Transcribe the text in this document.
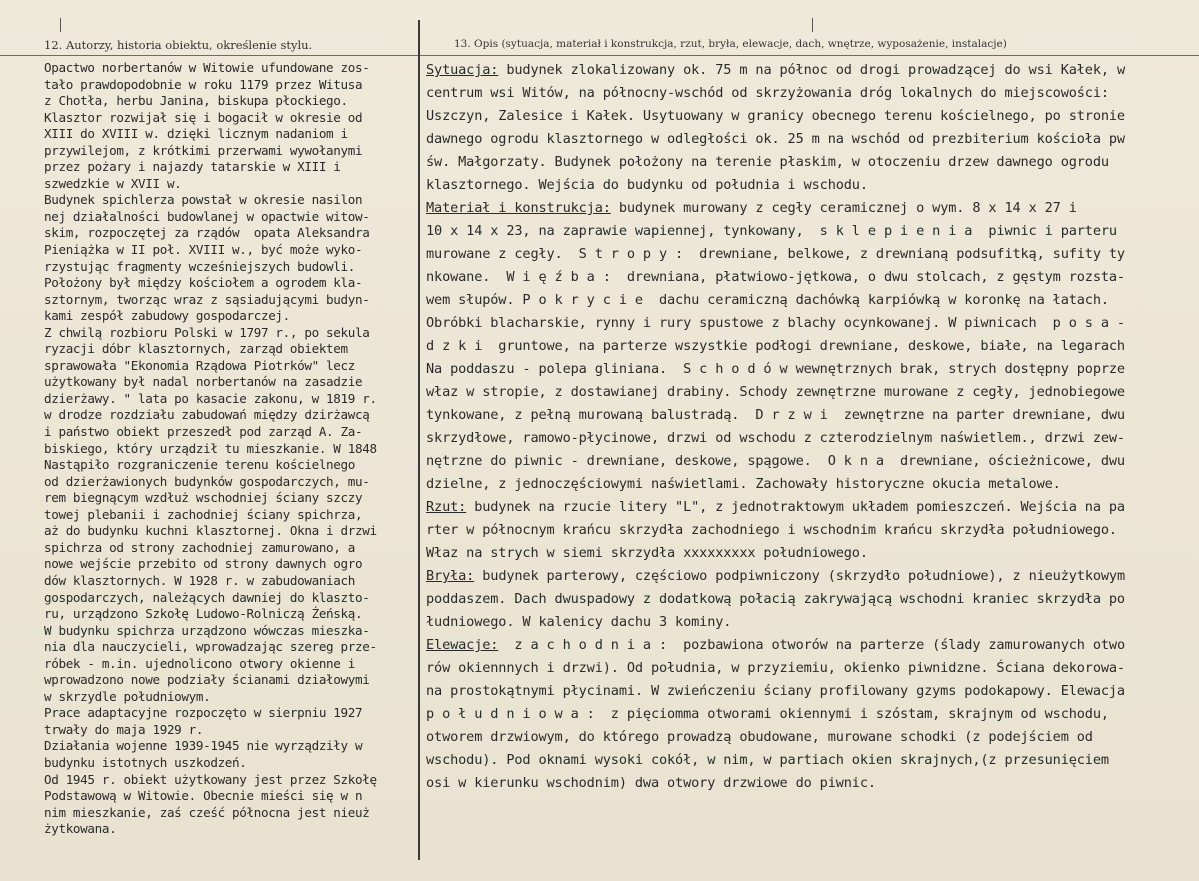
12. Autorzy, historia obiektu, określenie stylu.	13. Opis (sytuacja, materiał i konstrukcja, rzut, bryła, elewacje, dach, wnętrze, wyposażenie, instalacje)
Opactwo norbertanów w Witowie ufundowane zos-
tało prawdopodobnie w roku 1179 przez Witusa
z Chotła, herbu Janina, biskupa płockiego.
Klasztor rozwijał się i bogacił w okresie od
XIII do XVIII w. dzięki licznym nadaniom i
przywilejom, z krótkimi przerwami wywołanymi
przez pożary i najazdy tatarskie w XIII i
szwedzkie w XVII w.
Budynek spichlerza powstał w okresie nasilon
nej działalności budowlanej w opactwie witow-
skim, rozpoczętej za rządów  opata Aleksandra
Pieniążka w II poł. XVIII w., być może wyko-
rzystując fragmenty wcześniejszych budowli.
Położony był między kościołem a ogrodem kla-
sztornym, tworząc wraz z sąsiadującymi budyn-
kami zespół zabudowy gospodarczej.
Z chwilą rozbioru Polski w 1797 r., po sekula
ryzacji dóbr klasztornych, zarząd obiektem
sprawowała "Ekonomia Rządowa Piotrków" lecz
użytkowany był nadal norbertanów na zasadzie
dzierżawy. " lata po kasacie zakonu, w 1819 r.
w drodze rozdziału zabudowań między dzirżawcą
i państwo obiekt przeszedł pod zarząd A. Za-
biskiego, który urządził tu mieszkanie. W 1848
Nastąpiło rozgraniczenie terenu kościelnego
od dzierżawionych budynków gospodarczych, mu-
rem biegnącym wzdłuż wschodniej ściany szczy
towej plebanii i zachodniej ściany spichrza,
aż do budynku kuchni klasztornej. Okna i drzwi
spichrza od strony zachodniej zamurowano, a
nowe wejście przebito od strony dawnych ogro
dów klasztornych. W 1928 r. w zabudowaniach
gospodarczych, należących dawniej do klaszto-
ru, urządzono Szkołę Ludowo-Rolniczą Żeńską.
W budynku spichrza urządzono wówczas mieszka-
nia dla nauczycieli, wprowadzając szereg prze-
róbek - m.in. ujednolicono otwory okienne i
wprowadzono nowe podziały ścianami działowymi
w skrzydle południowym.
Prace adaptacyjne rozpoczęto w sierpniu 1927
trwały do maja 1929 r.
Działania wojenne 1939-1945 nie wyrządziły w
budynku istotnych uszkodzeń.
Od 1945 r. obiekt użytkowany jest przez Szkołę
Podstawową w Witowie. Obecnie mieści się w n
nim mieszkanie, zaś cześć północna jest nieuż
żytkowana.
Sytuacja: budynek zlokalizowany ok. 75 m na północ od drogi prowadzącej do wsi Kałek, w
centrum wsi Witów, na północny-wschód od skrzyżowania dróg lokalnych do miejscowości:
Uszczyn, Zalesice i Kałek. Usytuowany w granicy obecnego terenu kościelnego, po stronie
dawnego ogrodu klasztornego w odległości ok. 25 m na wschód od prezbiterium kościoła pw
św. Małgorzaty. Budynek położony na terenie płaskim, w otoczeniu drzew dawnego ogrodu
klasztornego. Wejścia do budynku od południa i wschodu.
Materiał i konstrukcja: budynek murowany z cegły ceramicznej o wym. 8 x 14 x 27 i
10 x 14 x 23, na zaprawie wapiennej, tynkowany,  s k l e p i e n i a  piwnic i parteru
murowane z cegły.  S t r o p y :  drewniane, belkowe, z drewnianą podsufitką, sufity ty
nkowane.  W i ę ź b a :  drewniana, płatwiowo-jętkowa, o dwu stolcach, z gęstym rozsta-
wem słupów. P o k r y c i e  dachu ceramiczną dachówką karpiówką w koronkę na łatach.
Obróbki blacharskie, rynny i rury spustowe z blachy ocynkowanej. W piwnicach  p o s a -
d z k i  gruntowe, na parterze wszystkie podłogi drewniane, deskowe, białe, na legarach
Na poddaszu - polepa gliniana.  S c h o d ó w wewnętrznych brak, strych dostępny poprze
właz w stropie, z dostawianej drabiny. Schody zewnętrzne murowane z cegły, jednobiegowe
tynkowane, z pełną murowaną balustradą.  D r z w i  zewnętrzne na parter drewniane, dwu
skrzydłowe, ramowo-płycinowe, drzwi od wschodu z czterodzielnym naświetlem., drzwi zew-
nętrzne do piwnic - drewniane, deskowe, spągowe.  O k n a  drewniane, ościeżnicowe, dwu
dzielne, z jednoczęściowymi naświetlami. Zachowały historyczne okucia metalowe.
Rzut: budynek na rzucie litery "L", z jednotraktowym układem pomieszczeń. Wejścia na pa
rter w północnym krańcu skrzydła zachodniego i wschodnim krańcu skrzydła południowego.
Właz na strych w siemi skrzydła xxxxxxxxx południowego.
Bryła: budynek parterowy, częściowo podpiwniczony (skrzydło południowe), z nieużytkowym
poddaszem. Dach dwuspadowy z dodatkową połacią zakrywającą wschodni kraniec skrzydła po
łudniowego. W kalenicy dachu 3 kominy.
Elewacje:  z a c h o d n i a :  pozbawiona otworów na parterze (ślady zamurowanych otwo
rów okiennnych i drzwi). Od południa, w przyziemiu, okienko piwnidzne. Ściana dekorowa-
na prostokątnymi płycinami. W zwieńczeniu ściany profilowany gzyms podokapowy. Elewacja
p o ł u d n i o w a :  z pięciomma otworami okiennymi i szóstam, skrajnym od wschodu,
otworem drzwiowym, do którego prowadzą obudowane, murowane schodki (z podejściem od
wschodu). Pod oknami wysoki cokół, w nim, w partiach okien skrajnych,(z przesunięciem
osi w kierunku wschodnim) dwa otwory drzwiowe do piwnic.
